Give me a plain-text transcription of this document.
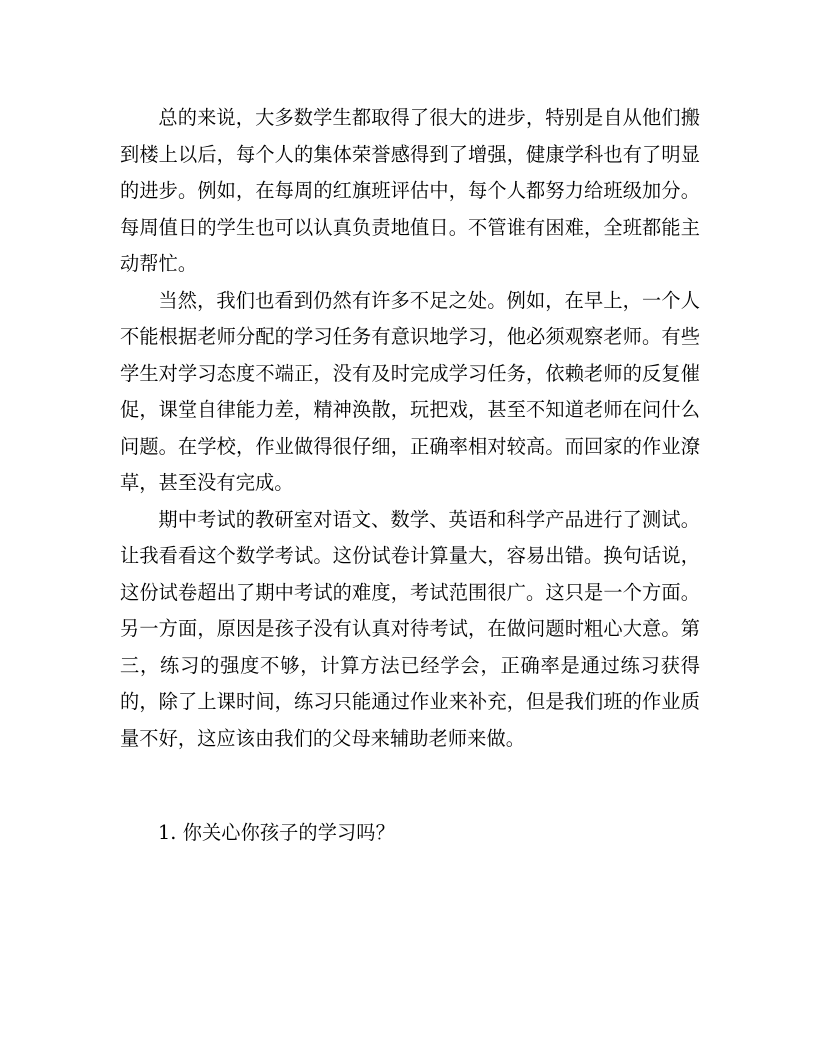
总的来说，大多数学生都取得了很大的进步，特别是自从他们搬到楼上以后，每个人的集体荣誉感得到了增强，健康学科也有了明显的进步。例如，在每周的红旗班评估中，每个人都努力给班级加分。每周值日的学生也可以认真负责地值日。不管谁有困难，全班都能主动帮忙。

当然，我们也看到仍然有许多不足之处。例如，在早上，一个人不能根据老师分配的学习任务有意识地学习，他必须观察老师。有些学生对学习态度不端正，没有及时完成学习任务，依赖老师的反复催促，课堂自律能力差，精神涣散，玩把戏，甚至不知道老师在问什么问题。在学校，作业做得很仔细，正确率相对较高。而回家的作业潦草，甚至没有完成。

期中考试的教研室对语文、数学、英语和科学产品进行了测试。让我看看这个数学考试。这份试卷计算量大，容易出错。换句话说，这份试卷超出了期中考试的难度，考试范围很广。这只是一个方面。另一方面，原因是孩子没有认真对待考试，在做问题时粗心大意。第三，练习的强度不够，计算方法已经学会，正确率是通过练习获得的，除了上课时间，练习只能通过作业来补充，但是我们班的作业质量不好，这应该由我们的父母来辅助老师来做。

1. 你关心你孩子的学习吗？
